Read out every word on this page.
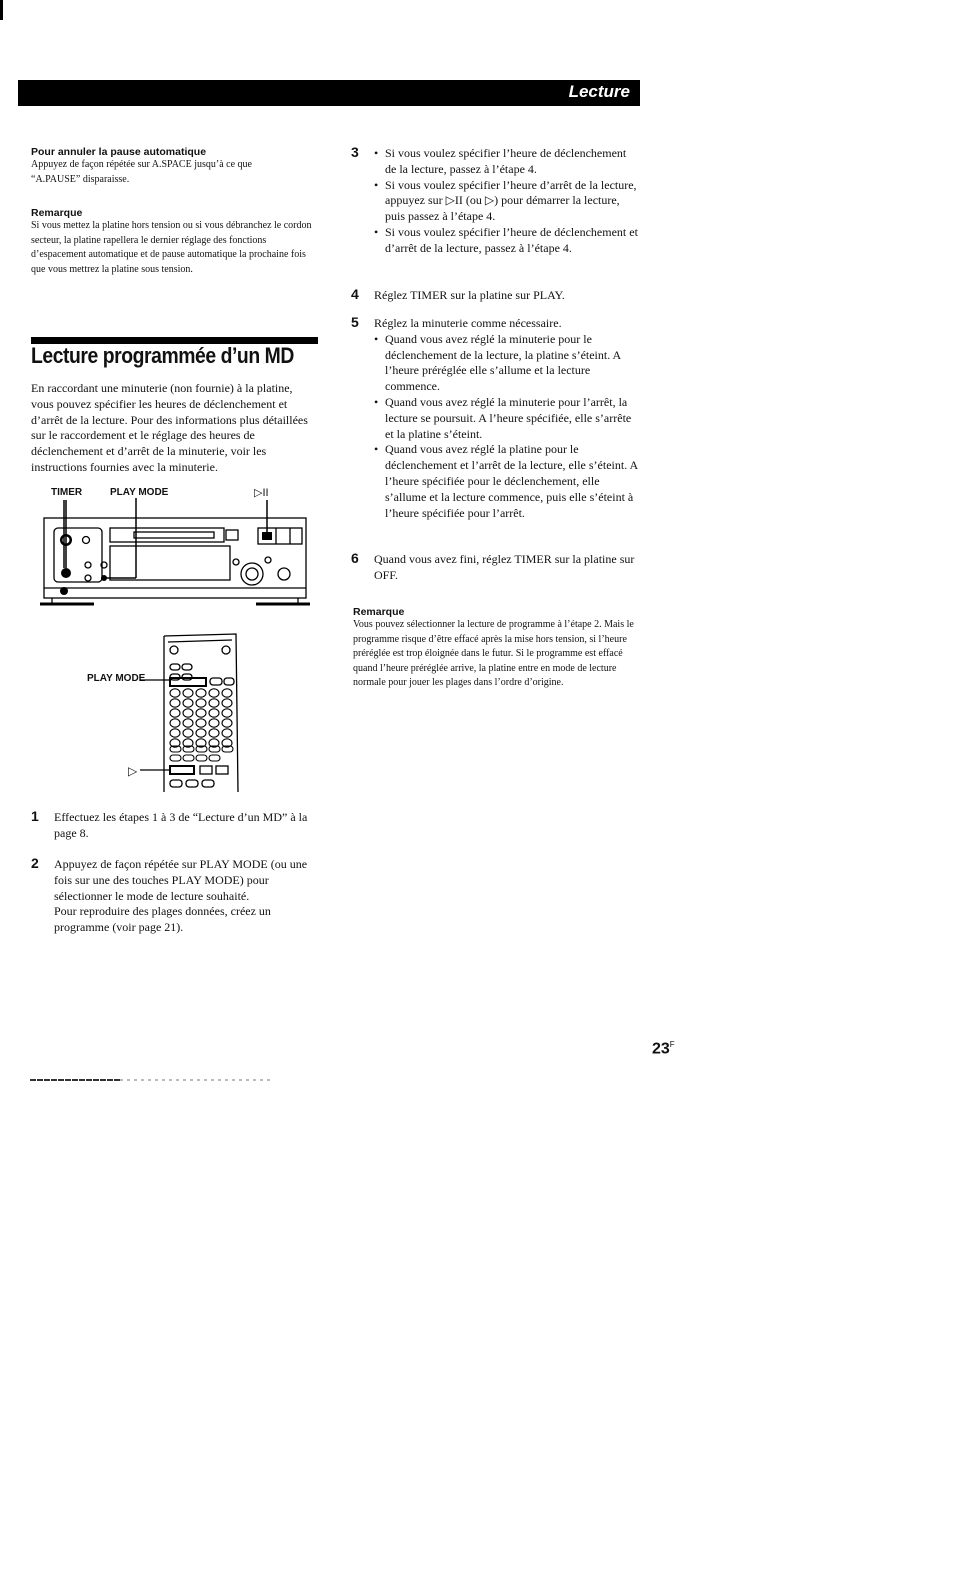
Lecture

Pour annuler la pause automatique

Appuyez de façon répétée sur A.SPACE jusqu’à ce que “A.PAUSE” disparaisse.

Remarque

Si vous mettez la platine hors tension ou si vous débranchez le cordon secteur, la platine rapellera le dernier réglage des fonctions d’espacement automatique et de pause automatique la prochaine fois que vous mettrez la platine sous tension.

Lecture programmée d’un MD

En raccordant une minuterie (non fournie) à la platine, vous pouvez spécifier les heures de déclenchement et d’arrêt de la lecture. Pour des informations plus détaillées sur le raccordement et le réglage des heures de déclenchement et d’arrêt de la minuterie, voir les instructions fournies avec la minuterie.

TIMER	PLAY MODE	▷II
PLAY MODE
▷
1 Effectuez les étapes 1 à 3 de “Lecture d’un MD” à la page 8.

2 Appuyez de façon répétée sur PLAY MODE (ou une fois sur une des touches PLAY MODE) pour sélectionner le mode de lecture souhaité.

Pour reproduire des plages données, créez un programme (voir page 21).

3
•	Si vous voulez spécifier l’heure de déclenchement de la lecture, passez à l’étape 4.
• Si vous voulez spécifier l’heure d’arrêt de la lecture, appuyez sur ▷II (ou ▷) pour démarrer la lecture, puis passez à l’étape 4.
• Si vous voulez spécifier l’heure de déclenchement et d’arrêt de la lecture, passez à l’étape 4.
4 Réglez TIMER sur la platine sur PLAY.

5 Réglez la minuterie comme nécessaire.

• Quand vous avez réglé la minuterie pour le déclenchement de la lecture, la platine s’éteint. A l’heure préréglée elle s’allume et la lecture commence.
• Quand vous avez réglé la minuterie pour l’arrêt, la lecture se poursuit. A l’heure spécifiée, elle s’arrête et la platine s’éteint.
• Quand vous avez réglé la platine pour le déclenchement et l’arrêt de la lecture, elle s’éteint. A l’heure spécifiée pour le déclenchement, elle s’allume et la lecture commence, puis elle s’éteint à l’heure spécifiée pour l’arrêt.
6 Quand vous avez fini, réglez TIMER sur la platine sur OFF.

Remarque

Vous pouvez sélectionner la lecture de programme à l’étape 2. Mais le programme risque d’être effacé après la mise hors tension, si l’heure préréglée est trop éloignée dans le futur. Si le programme est effacé quand l’heure préréglée arrive, la platine entre en mode de lecture normale pour jouer les plages dans l’ordre d’origine.

$23^F$
